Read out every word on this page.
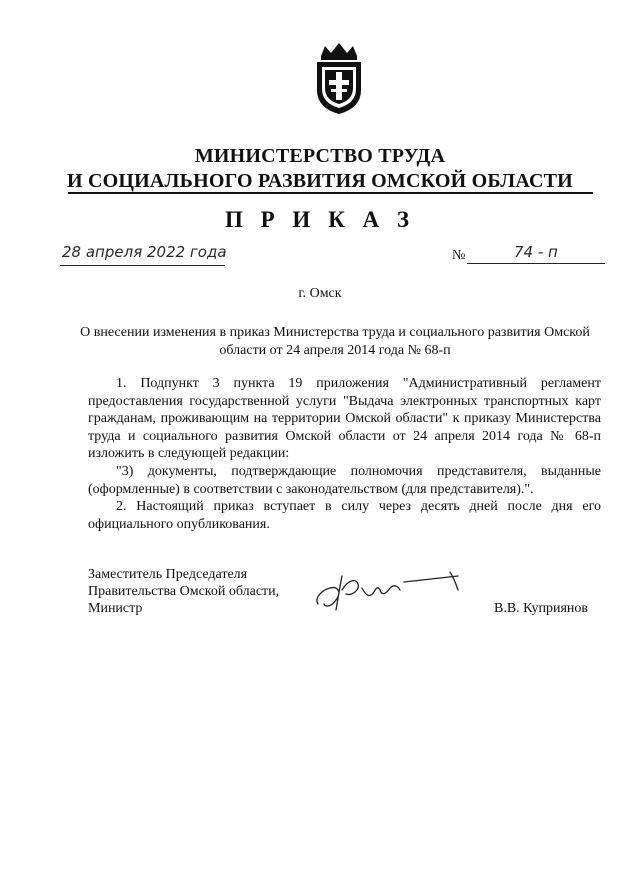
МИНИСТЕРСТВО ТРУДА
И СОЦИАЛЬНОГО РАЗВИТИЯ ОМСКОЙ ОБЛАСТИ
П Р И К А З
28 апреля 2022 года	№	74 - п
г. Омск
О внесении изменения в приказ Министерства труда и социального развития Омской области от 24 апреля 2014 года № 68-п

1. Подпункт 3 пункта 19 приложения "Административный регламент предоставления государственной услуги "Выдача электронных транспортных карт гражданам, проживающим на территории Омской области" к приказу Министерства труда и социального развития Омской области от 24 апреля 2014 года № 68-п изложить в следующей редакции:

"3) документы, подтверждающие полномочия представителя, выданные (оформленные) в соответствии с законодательством (для представителя).".

2. Настоящий приказ вступает в силу через десять дней после дня его официального опубликования.

Заместитель Председателя
Правительства Омской области,
Министр	В.В. Куприянов
